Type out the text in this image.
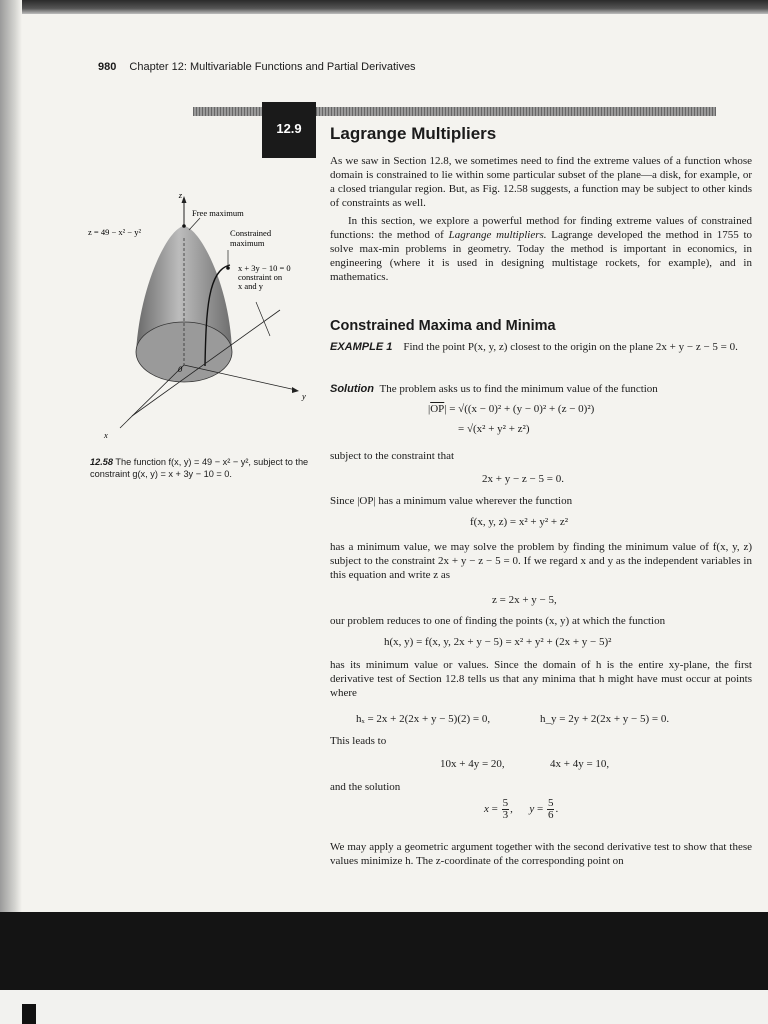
980 Chapter 12: Multivariable Functions and Partial Derivatives
12.9	Lagrange Multipliers

As we saw in Section 12.8, we sometimes need to find the extreme values of a function whose domain is constrained to lie within some particular subset of the plane—a disk, for example, or a closed triangular region. But, as Fig. 12.58 suggests, a function may be subject to other kinds of constraints as well.

In this section, we explore a powerful method for finding extreme values of constrained functions: the method of Lagrange multipliers. Lagrange developed the method in 1755 to solve max-min problems in geometry. Today the method is important in economics, in engineering (where it is used in designing multistage rockets, for example), and in mathematics.

Constrained Maxima and Minima

EXAMPLE 1 Find the point P(x, y, z) closest to the origin on the plane 2x + y − z − 5 = 0.

Solution The problem asks us to find the minimum value of the function

$|\overline{OP}| = √((x - 0)^2 + (y - 0)^2 + (z - 0)^2)$
= √(x² + y² + z²)

subject to the constraint that

2x + y − z − 5 = 0.

Since |OP| has a minimum value wherever the function

f(x, y, z) = x² + y² + z²

has a minimum value, we may solve the problem by finding the minimum value of f(x, y, z) subject to the constraint 2x + y − z − 5 = 0. If we regard x and y as the independent variables in this equation and write z as

z = 2x + y − 5,

our problem reduces to one of finding the points (x, y) at which the function

h(x, y) = f(x, y, 2x + y − 5) = x² + y² + (2x + y − 5)²

has its minimum value or values. Since the domain of h is the entire xy-plane, the first derivative test of Section 12.8 tells us that any minima that h might have must occur at points where

hₓ = 2x + 2(2x + y − 5)(2) = 0,	h_y = 2y + 2(2x + y − 5) = 0.

This leads to

10x + 4y = 20,	4x + 4y = 10,

and the solution

$x = \frac{5}{3}$ ,      $y = \frac{5}{6}$ .

We may apply a geometric argument together with the second derivative test to show that these values minimize h. The z-coordinate of the corresponding point on

z
Free maximum
z = 49 − x² − y²	Constrained
maximum
x + 3y − 10 = 0
constraint on
x and y
0
x
y
12.58 The function f(x, y) = 49 − x² − y², subject to the constraint g(x, y) = x + 3y − 10 = 0.
